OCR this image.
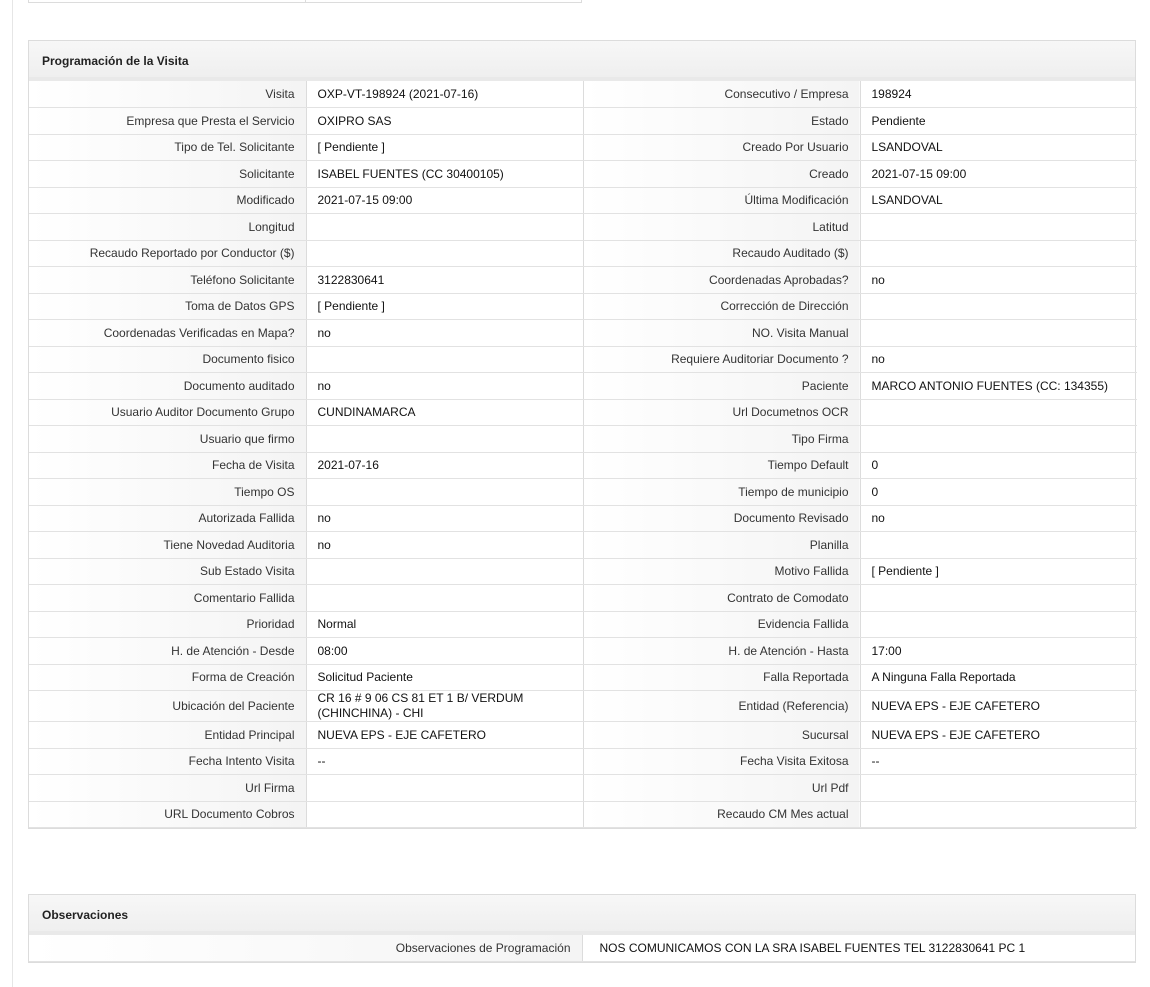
Programación de la Visita
Visita	OXP-VT-198924 (2021-07-16)	Consecutivo / Empresa	198924
Empresa que Presta el Servicio	OXIPRO SAS	Estado	Pendiente
Tipo de Tel. Solicitante	[ Pendiente ]	Creado Por Usuario	LSANDOVAL
Solicitante	ISABEL FUENTES (CC 30400105)	Creado	2021-07-15 09:00
Modificado	2021-07-15 09:00	Última Modificación	LSANDOVAL
Longitud		Latitud	
Recaudo Reportado por Conductor ($)		Recaudo Auditado ($)	
Teléfono Solicitante	3122830641	Coordenadas Aprobadas?	no
Toma de Datos GPS	[ Pendiente ]	Corrección de Dirección	
Coordenadas Verificadas en Mapa?	no	NO. Visita Manual	
Documento fisico		Requiere Auditoriar Documento ?	no
Documento auditado	no	Paciente	MARCO ANTONIO FUENTES (CC: 134355)
Usuario Auditor Documento Grupo	CUNDINAMARCA	Url Documetnos OCR	
Usuario que firmo		Tipo Firma	
Fecha de Visita	2021-07-16	Tiempo Default	0
Tiempo OS		Tiempo de municipio	0
Autorizada Fallida	no	Documento Revisado	no
Tiene Novedad Auditoria	no	Planilla	
Sub Estado Visita		Motivo Fallida	[ Pendiente ]
Comentario Fallida		Contrato de Comodato	
Prioridad	Normal	Evidencia Fallida	
H. de Atención - Desde	08:00	H. de Atención - Hasta	17:00
Forma de Creación	Solicitud Paciente	Falla Reportada	A Ninguna Falla Reportada
Ubicación del Paciente	CR 16 # 9 06 CS 81 ET 1 B/ VERDUM (CHINCHINA) - CHI	Entidad (Referencia)	NUEVA EPS - EJE CAFETERO
Entidad Principal	NUEVA EPS - EJE CAFETERO	Sucursal	NUEVA EPS - EJE CAFETERO
Fecha Intento Visita	--	Fecha Visita Exitosa	--
Url Firma		Url Pdf	
URL Documento Cobros		Recaudo CM Mes actual	
Observaciones
Observaciones de Programación	NOS COMUNICAMOS CON LA SRA ISABEL FUENTES TEL 3122830641 PC 1
